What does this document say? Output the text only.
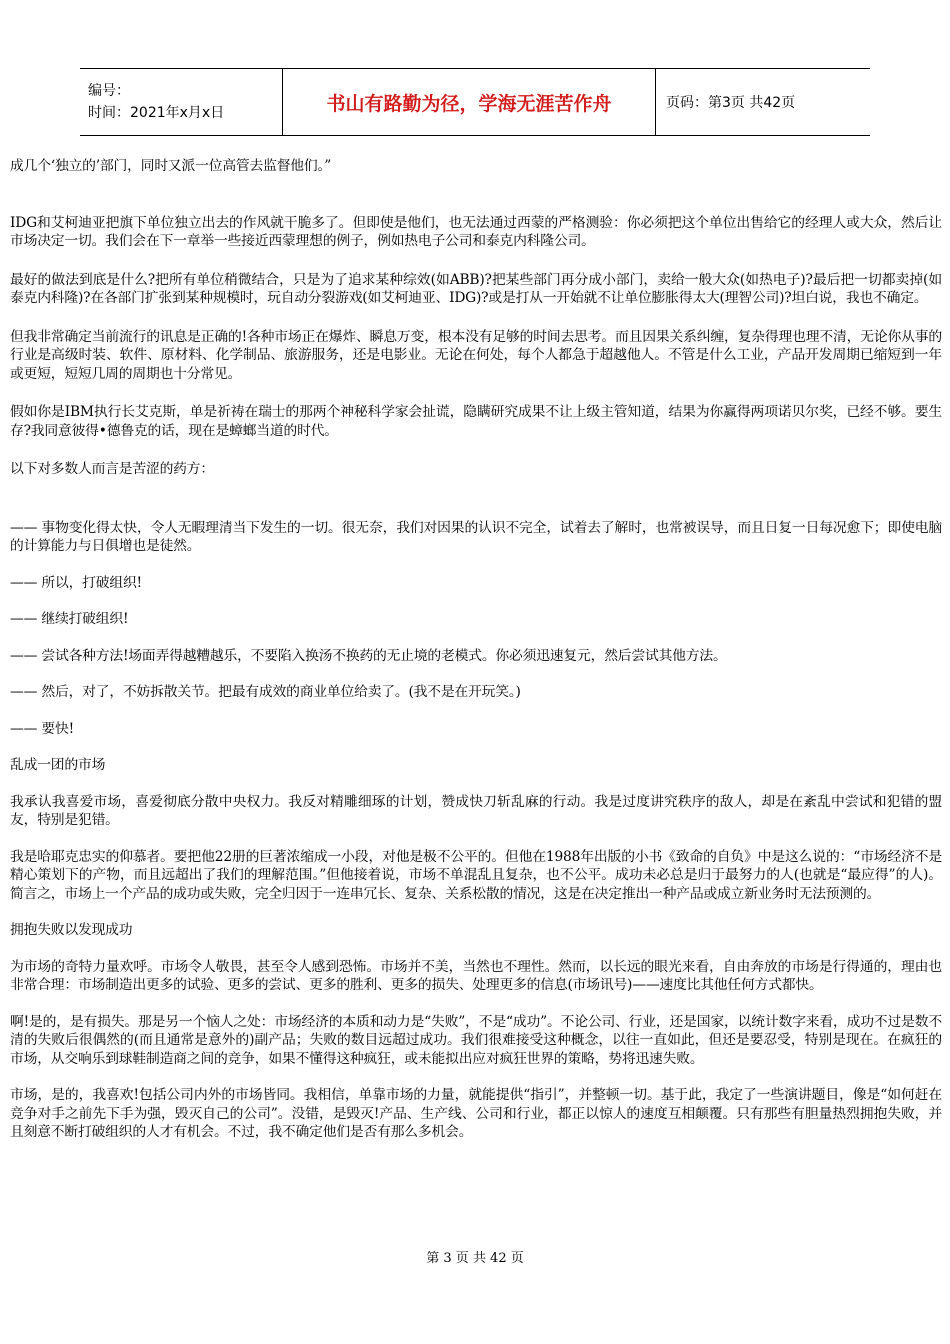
编号：
时间：2021年x月x日	书山有路勤为径，学海无涯苦作舟	页码：第3页 共42页

成几个‘独立的’部门，同时又派一位高管去监督他们。”

IDG和艾柯迪亚把旗下单位独立出去的作风就干脆多了。但即使是他们，也无法通过西蒙的严格测验：你必须把这个单位出售给它的经理人或大众，然后让市场决定一切。我们会在下一章举一些接近西蒙理想的例子，例如热电子公司和泰克内科隆公司。

最好的做法到底是什么?把所有单位稍微结合，只是为了追求某种综效(如ABB)?把某些部门再分成小部门，卖给一般大众(如热电子)?最后把一切都卖掉(如泰克内科隆)?在各部门扩张到某种规模时，玩自动分裂游戏(如艾柯迪亚、IDG)?或是打从一开始就不让单位膨胀得太大(理智公司)?坦白说，我也不确定。

但我非常确定当前流行的讯息是正确的!各种市场正在爆炸、瞬息万变，根本没有足够的时间去思考。而且因果关系纠缠，复杂得理也理不清，无论你从事的行业是高级时装、软件、原材料、化学制品、旅游服务，还是电影业。无论在何处，每个人都急于超越他人。不管是什么工业，产品开发周期已缩短到一年或更短，短短几周的周期也十分常见。

假如你是IBM执行长艾克斯，单是祈祷在瑞士的那两个神秘科学家会扯谎，隐瞒研究成果不让上级主管知道，结果为你赢得两项诺贝尔奖，已经不够。要生存?我同意彼得•德鲁克的话，现在是蟑螂当道的时代。

以下对多数人而言是苦涩的药方：

—— 事物变化得太快，令人无暇理清当下发生的一切。很无奈，我们对因果的认识不完全，试着去了解时，也常被误导，而且日复一日每况愈下；即使电脑的计算能力与日俱增也是徒然。

—— 所以，打破组织!

—— 继续打破组织!

—— 尝试各种方法!场面弄得越糟越乐，不要陷入换汤不换药的无止境的老模式。你必须迅速复元，然后尝试其他方法。

—— 然后，对了，不妨拆散关节。把最有成效的商业单位给卖了。(我不是在开玩笑。)

—— 要快!

乱成一团的市场

我承认我喜爱市场，喜爱彻底分散中央权力。我反对精雕细琢的计划，赞成快刀斩乱麻的行动。我是过度讲究秩序的敌人，却是在紊乱中尝试和犯错的盟友，特别是犯错。

我是哈耶克忠实的仰慕者。要把他22册的巨著浓缩成一小段，对他是极不公平的。但他在1988年出版的小书《致命的自负》中是这么说的：“市场经济不是精心策划下的产物，而且远超出了我们的理解范围。”但他接着说，市场不单混乱且复杂，也不公平。成功未必总是归于最努力的人(也就是“最应得”的人)。简言之，市场上一个产品的成功或失败，完全归因于一连串冗长、复杂、关系松散的情况，这是在决定推出一种产品或成立新业务时无法预测的。

拥抱失败以发现成功

为市场的奇特力量欢呼。市场令人敬畏，甚至令人感到恐怖。市场并不美，当然也不理性。然而，以长远的眼光来看，自由奔放的市场是行得通的，理由也非常合理：市场制造出更多的试验、更多的尝试、更多的胜利、更多的损失、处理更多的信息(市场讯号)——速度比其他任何方式都快。

啊!是的，是有损失。那是另一个恼人之处：市场经济的本质和动力是“失败”，不是“成功”。不论公司、行业，还是国家，以统计数字来看，成功不过是数不清的失败后很偶然的(而且通常是意外的)副产品；失败的数目远超过成功。我们很难接受这种概念，以往一直如此，但还是要忍受，特别是现在。在疯狂的市场，从交响乐到球鞋制造商之间的竞争，如果不懂得这种疯狂，或未能拟出应对疯狂世界的策略，势将迅速失败。

市场，是的，我喜欢!包括公司内外的市场皆同。我相信，单靠市场的力量，就能提供“指引”，并整顿一切。基于此，我定了一些演讲题目，像是“如何赶在竞争对手之前先下手为强，毁灭自己的公司”。没错，是毁灭!产品、生产线、公司和行业，都正以惊人的速度互相颠覆。只有那些有胆量热烈拥抱失败，并且刻意不断打破组织的人才有机会。不过，我不确定他们是否有那么多机会。

第 3 页 共 42 页
